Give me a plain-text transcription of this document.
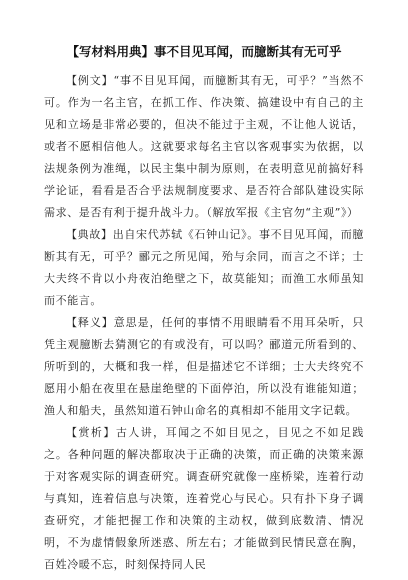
【写材料用典】事不目见耳闻，而臆断其有无可乎

【例文】“事不目见耳闻，而臆断其有无，可乎？”当然不可。作为一名主官，在抓工作、作决策、搞建设中有自己的主见和立场是非常必要的，但决不能过于主观，不让他人说话，或者不愿相信他人。这就要求每名主官以客观事实为依据，以法规条例为准绳，以民主集中制为原则，在表明意见前搞好科学论证，看看是否合乎法规制度要求、是否符合部队建设实际需求、是否有利于提升战斗力。（解放军报《主官勿“主观”》）

【典故】出自宋代苏轼《石钟山记》。事不目见耳闻，而臆断其有无，可乎？郦元之所见闻，殆与余同，而言之不详；士大夫终不肯以小舟夜泊绝壁之下，故莫能知；而渔工水师虽知而不能言。

【释义】意思是，任何的事情不用眼睛看不用耳朵听，只凭主观臆断去猜测它的有或没有，可以吗？郦道元所看到的、所听到的，大概和我一样，但是描述它不详细；士大夫终究不愿用小船在夜里在悬崖绝壁的下面停泊，所以没有谁能知道；渔人和船夫，虽然知道石钟山命名的真相却不能用文字记载。

【赏析】古人讲，耳闻之不如目见之，目见之不如足践之。各种问题的解决都取决于正确的决策，而正确的决策来源于对客观实际的调查研究。调查研究就像一座桥梁，连着行动与真知，连着信息与决策，连着党心与民心。只有扑下身子调查研究，才能把握工作和决策的主动权，做到底数清、情况明，不为虚情假象所迷惑、所左右；才能做到民情民意在胸，百姓冷暖不忘，时刻保持同人民
